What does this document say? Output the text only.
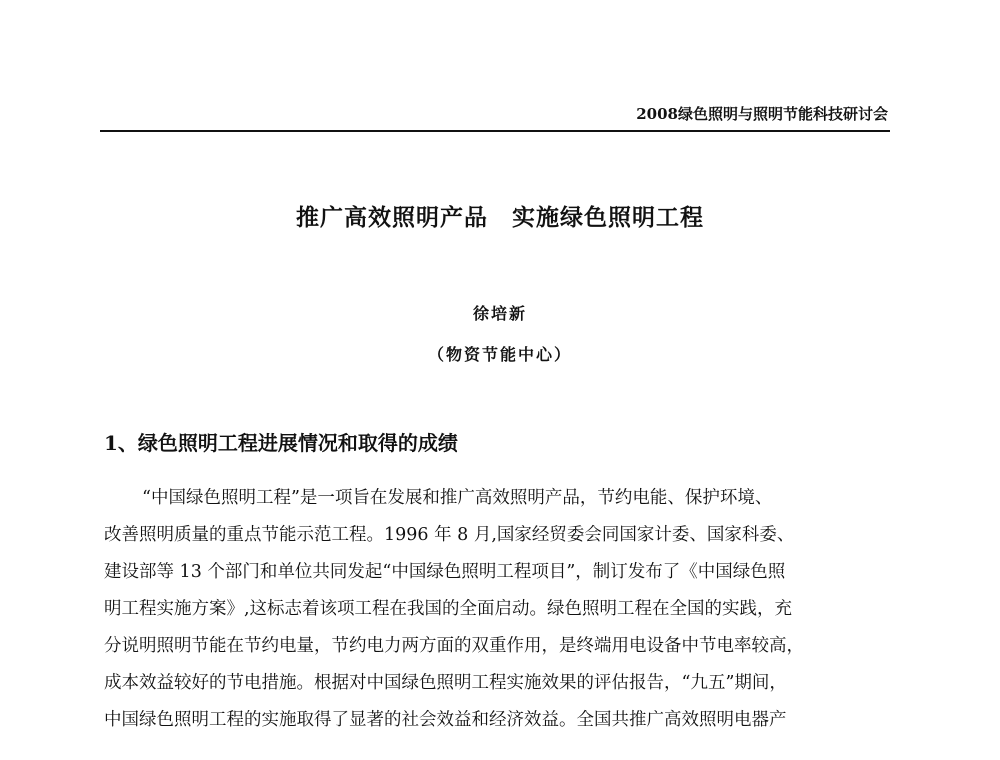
2008绿色照明与照明节能科技研讨会
推广高效照明产品　实施绿色照明工程
徐培新
（物资节能中心）
1、绿色照明工程进展情况和取得的成绩
“中国绿色照明工程”是一项旨在发展和推广高效照明产品，节约电能、保护环境、
改善照明质量的重点节能示范工程。1996 年 8 月,国家经贸委会同国家计委、国家科委、
建设部等 13 个部门和单位共同发起“中国绿色照明工程项目”，制订发布了《中国绿色照
明工程实施方案》,这标志着该项工程在我国的全面启动。绿色照明工程在全国的实践，充
分说明照明节能在节约电量，节约电力两方面的双重作用，是终端用电设备中节电率较高，
成本效益较好的节电措施。根据对中国绿色照明工程实施效果的评估报告，“九五”期间，
中国绿色照明工程的实施取得了显著的社会效益和经济效益。全国共推广高效照明电器产
